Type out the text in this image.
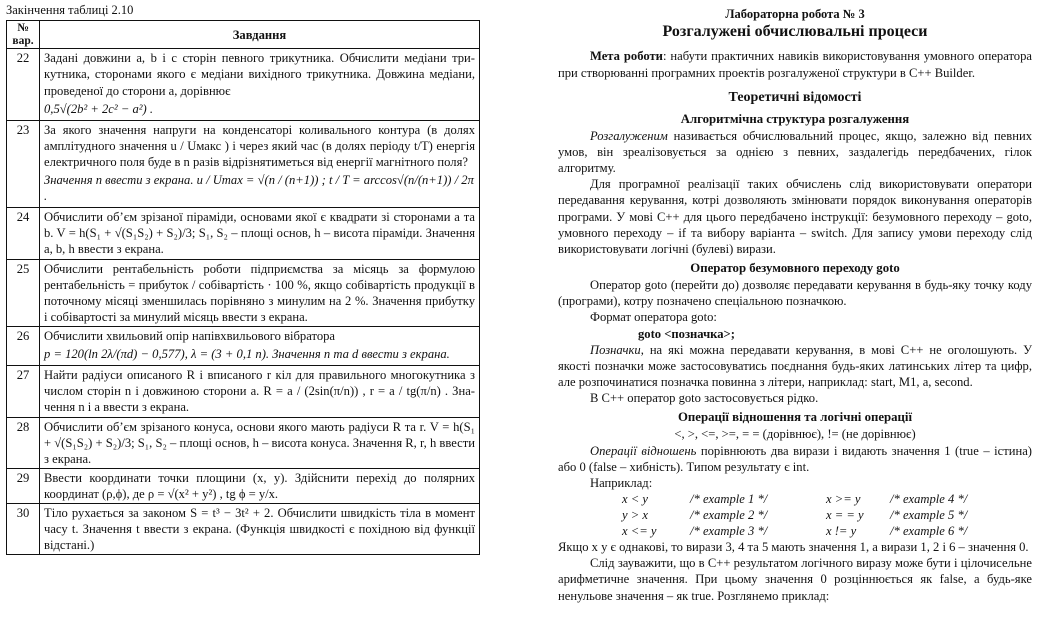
Закінчення таблиці 2.10
№ вар.	Завдання
22	Задані довжини a, b і c сторін певного трикутника. Обчислити медіани трикутника, сторонами якого є медіани вихідного трикутника. Довжина медіани, проведеної до сторони a, дорівнює
0,5√(2b² + 2c² − a²) .

23	За якого значення напруги на конденсаторі коливального контура (в долях амплітудного значення u / Uмакс ) і через який час (в долях періоду t/T) енергія електричного поля буде в n разів відрізнятиметься від енергії магнітного поля?
Значення n ввести з екрана. u / Umax = √(n / (n+1)) ; t / T = arccos√(n/(n+1)) / 2π .

24	Обчислити об’єм зрізаної піраміди, основами якої є квадрати зі сторонами a та b. V = h(S₁ + √(S₁S₂) + S₂)/3; S₁, S₂ – площі основ, h – висота піраміди. Значення a, b, h ввести з екрана.
25	Обчислити рентабельність роботи підприємства за місяць за формулою рентабельність = прибуток / собівартість · 100 %, якщо собівартість продукції в поточному місяці зменшилась порівняно з минулим на 2 %. Значення прибутку і собівартості за минулий місяць ввести з екрана.
26	Обчислити хвильовий опір напівхвильового вібратора
p = 120(ln 2λ/(πd) − 0,577), λ = (3 + 0,1 n). Значення n та d ввести з екрана.

27	Найти радіуси описаного R і вписаного r кіл для правильного многокутника з числом сторін n і довжиною сторони a. R = a / (2sin(π/n)) , r = a / tg(π/n) . Значення n і a ввести з екрана.
28	Обчислити об’єм зрізаного конуса, основи якого мають радіуси R та r. V = h(S₁ + √(S₁S₂) + S₂)/3; S₁, S₂ – площі основ, h – висота конуса. Значення R, r, h ввести з екрана.
29	Ввести координати точки площини (x, y). Здійснити перехід до полярних координат (ρ,ϕ), де ρ = √(x² + y²) , tg ϕ = y/x.
30	Тіло рухається за законом S = t³ − 3t² + 2. Обчислити швидкість тіла в момент часу t. Значення t ввести з екрана. (Функція швидкості є похідною від функції відстані.)
Лабораторна робота № 3
Розгалужені обчислювальні процеси

Мета роботи: набути практичних навиків використовування умовного оператора при створюванні програмних проектів розгалуженої структури в C++ Builder.

Теоретичні відомості
Алгоритмічна структура розгалуження

Розгалуженим називається обчислювальний процес, якщо, залежно від певних умов, він зреалізовується за однією з певних, заздалегідь передбачених, гілок алгоритму.

Для програмної реалізації таких обчислень слід використовувати оператори передавання керування, котрі дозволяють змінювати порядок виконування операторів програми. У мові C++ для цього передбачено інструкції: безумовного переходу – goto, умовного переходу – if та вибору варіанта – switch. Для запису умови переходу слід використовувати логічні (булеві) вирази.

Оператор безумовного переходу goto

Оператор goto (перейти до) дозволяє передавати керування в будь-яку точку коду (програми), котру позначено спеціальною позначкою.

Формат оператора goto:

goto <позначка>;

Позначки, на які можна передавати керування, в мові C++ не оголошують. У якості позначки може застосовуватись поєднання будь-яких латинських літер та цифр, але розпочинатися позначка повинна з літери, наприклад: start, M1, a, second.

В C++ оператор goto застосовується рідко.

Операції відношення та логічні операції
<, >, <=, >=, = = (дорівнює), != (не дорівнює)

Операції відношень порівнюють два вирази і видають значення 1 (true – істина) або 0 (false – хибність). Типом результату є int.

Наприклад:

x < y	/* example 1 */	x >= y	/* example 4 */
y > x	/* example 2 */	x = = y	/* example 5 */
x <= y	/* example 3 */	x != y	/* example 6 */

Якщо x у є однакові, то вирази 3, 4 та 5 мають значення 1, а вирази 1, 2 і 6 – значення 0.

Слід зауважити, що в C++ результатом логічного виразу може бути і цілочисельне арифметичне значення. При цьому значення 0 розціннюється як false, а будь-яке ненульове значення – як true. Розглянемо приклад:
